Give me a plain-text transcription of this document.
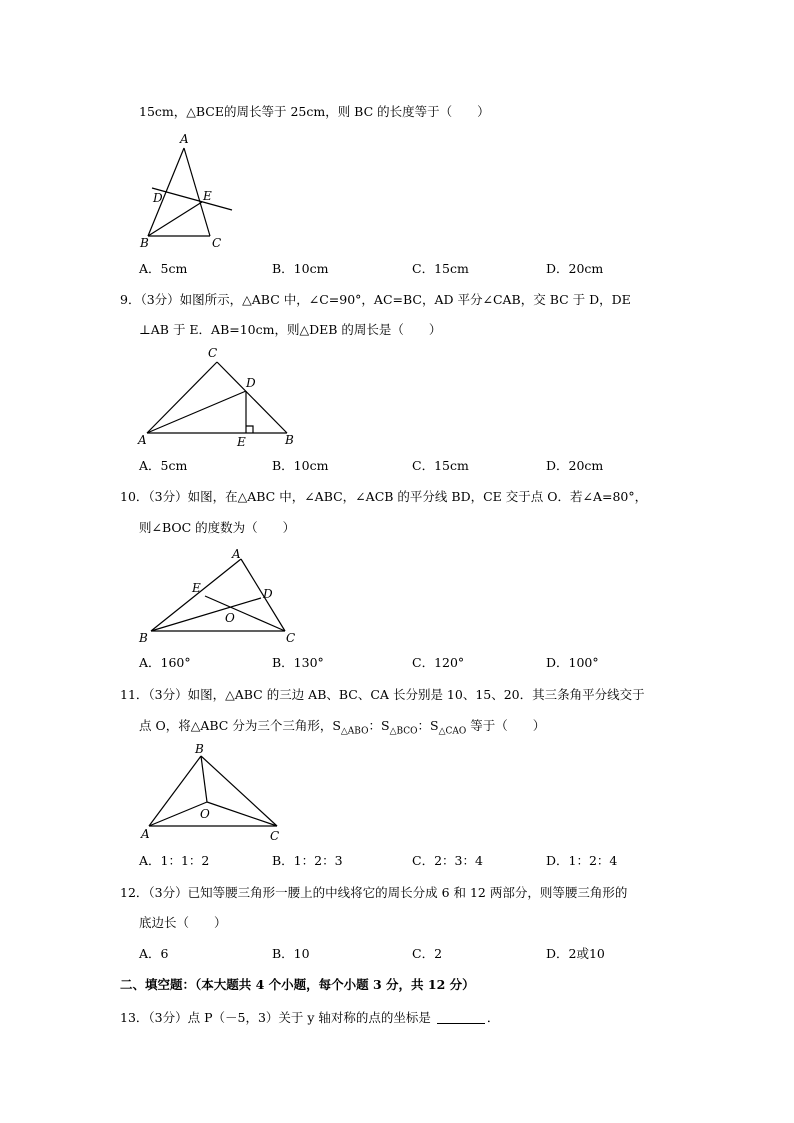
15cm，△BCE的周长等于 25cm，则 BC 的长度等于（　　）
A
B	C
D	E
A．5cm	B．10cm	C．15cm	D．20cm
9．（3分）如图所示，△ABC 中，∠C=90°，AC=BC，AD 平分∠CAB，交 BC 于 D，DE
⊥AB 于 E．AB=10cm，则△DEB 的周长是（　　）
A	B
C
D
E
A．5cm	B．10cm	C．15cm	D．20cm
10．（3分）如图，在△ABC 中，∠ABC，∠ACB 的平分线 BD，CE 交于点 O．若∠A=80°，
则∠BOC 的度数为（　　）
A
B	C
D
E
O
A．160°	B．130°	C．120°	D．100°
11．（3分）如图，△ABC 的三边 AB、BC、CA 长分别是 10、15、20．其三条角平分线交于
点 O，将△ABC 分为三个三角形，$S_{\triangle ABO}$：$S_{\triangle BCO}$：$S_{\triangle CAO}$ 等于（　　）
A
B
C
O
A．1：1：2	B．1：2：3	C．2：3：4	D．1：2：4
12．（3分）已知等腰三角形一腰上的中线将它的周长分成 6 和 12 两部分，则等腰三角形的
底边长（　　）
A．6	B．10	C．2	D．2或10
二、填空题：（本大题共 4 个小题，每个小题 3 分，共 12 分）
13．（3分）点 P（－5，3）关于 y 轴对称的点的坐标是	．
